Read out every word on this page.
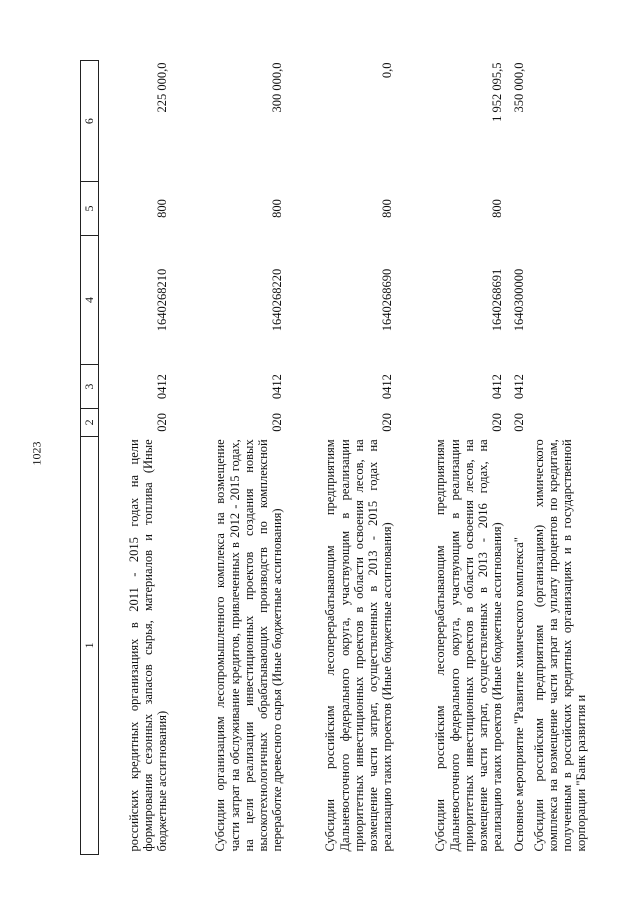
1023
1	2	3	4	5	6
российских кредитных организациях в 2011 - 2015 годах на цели формирования сезонных запасов сырья, материалов и топлива (Иные бюджетные ассигнования)	020	0412	1640268210	800	225 000,0
Субсидии организациям лесопромышленного комплекса на возмещение части затрат на обслуживание кредитов, привлеченных в 2012 - 2015 годах, на цели реализации инвестиционных проектов создания новых высокотехнологичных обрабатывающих производств по комплексной переработке древесного сырья (Иные бюджетные ассигнования)	020	0412	1640268220	800	300 000,0
Субсидии российским лесоперерабатывающим предприятиям Дальневосточного федерального округа, участвующим в реализации приоритетных инвестиционных проектов в области освоения лесов, на возмещение части затрат, осуществленных в 2013 - 2015 годах на реализацию таких проектов (Иные бюджетные ассигнования)	020	0412	1640268690	800	0,0
Субсидии российским лесоперерабатывающим предприятиям Дальневосточного федерального округа, участвующим в реализации приоритетных инвестиционных проектов в области освоения лесов, на возмещение части затрат, осуществленных в 2013 - 2016 годах, на реализацию таких проектов (Иные бюджетные ассигнования)	020	0412	1640268691	800	1 952 095,5
Основное мероприятие "Развитие химического комплекса"	020	0412	1640300000		350 000,0
Субсидии российским предприятиям (организациям) химического комплекса на возмещение части затрат на уплату процентов по кредитам, полученным в российских кредитных организациях и в государственной корпорации "Банк развития и					
